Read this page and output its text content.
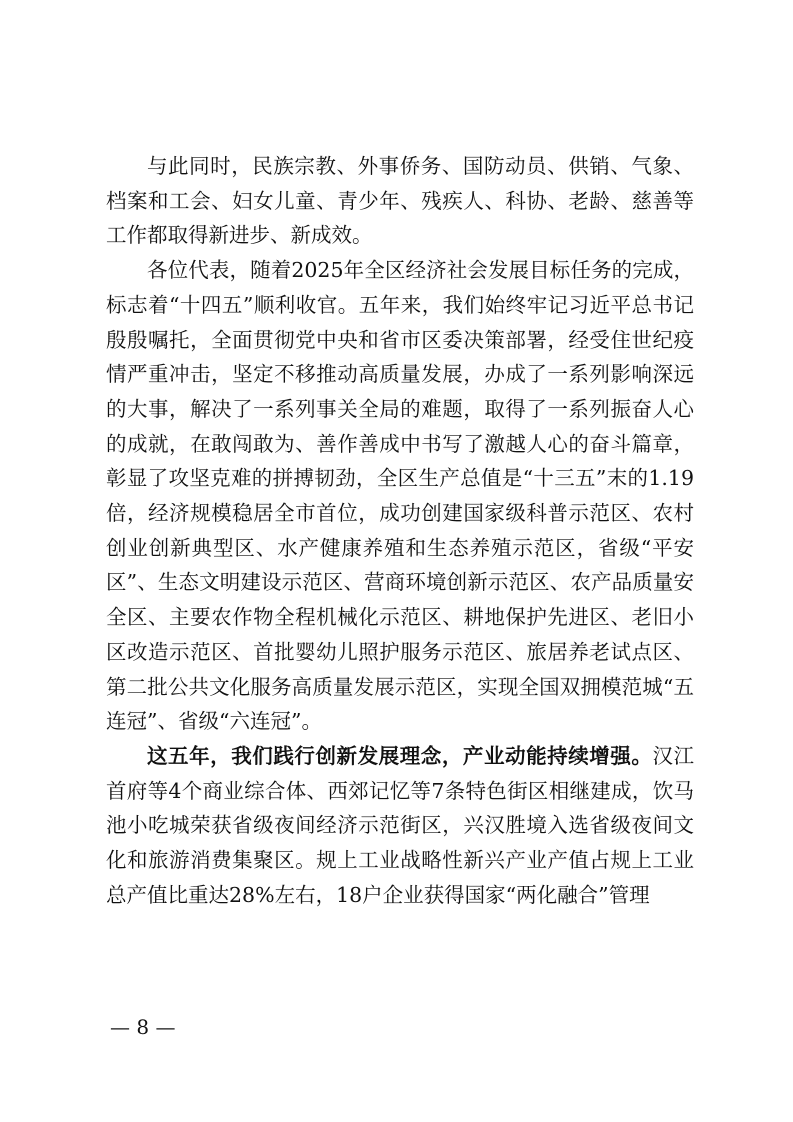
与此同时，民族宗教、外事侨务、国防动员、供销、气象、档案和工会、妇女儿童、青少年、残疾人、科协、老龄、慈善等工作都取得新进步、新成效。

各位代表，随着2025年全区经济社会发展目标任务的完成，标志着“十四五”顺利收官。五年来，我们始终牢记习近平总书记殷殷嘱托，全面贯彻党中央和省市区委决策部署，经受住世纪疫情严重冲击，坚定不移推动高质量发展，办成了一系列影响深远的大事，解决了一系列事关全局的难题，取得了一系列振奋人心的成就，在敢闯敢为、善作善成中书写了激越人心的奋斗篇章，彰显了攻坚克难的拼搏韧劲，全区生产总值是“十三五”末的1.19倍，经济规模稳居全市首位，成功创建国家级科普示范区、农村创业创新典型区、水产健康养殖和生态养殖示范区，省级“平安区”、生态文明建设示范区、营商环境创新示范区、农产品质量安全区、主要农作物全程机械化示范区、耕地保护先进区、老旧小区改造示范区、首批婴幼儿照护服务示范区、旅居养老试点区、第二批公共文化服务高质量发展示范区，实现全国双拥模范城“五连冠”、省级“六连冠”。

这五年，我们践行创新发展理念，产业动能持续增强。汉江首府等4个商业综合体、西郊记忆等7条特色街区相继建成，饮马池小吃城荣获省级夜间经济示范街区，兴汉胜境入选省级夜间文化和旅游消费集聚区。规上工业战略性新兴产业产值占规上工业总产值比重达28%左右，18户企业获得国家“两化融合”管理

— 8 —
